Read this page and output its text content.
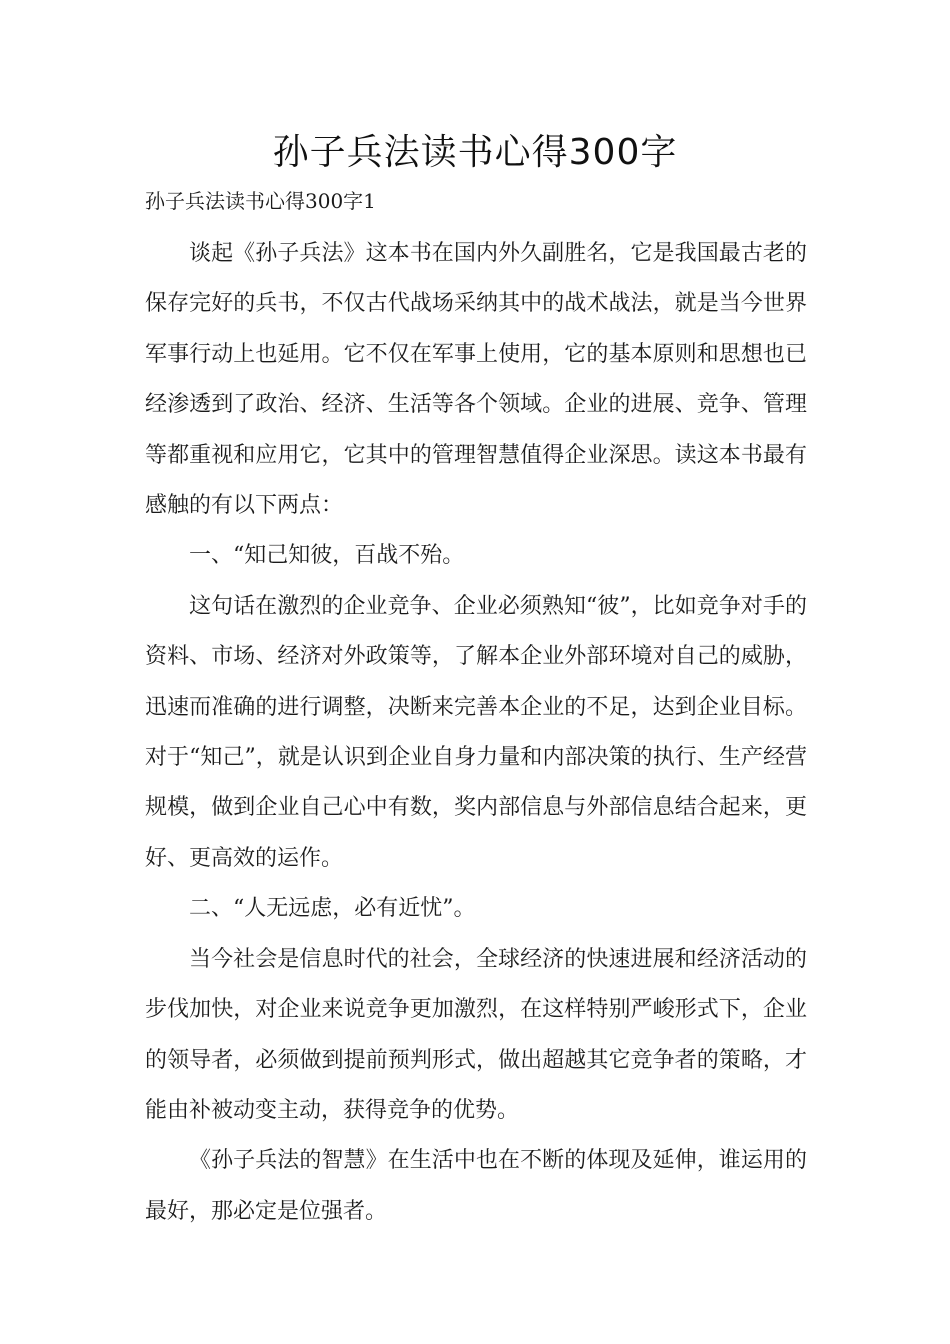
孙子兵法读书心得300字
孙子兵法读书心得300字1

谈起《孙子兵法》这本书在国内外久副胜名，它是我国最古老的保存完好的兵书，不仅古代战场采纳其中的战术战法，就是当今世界军事行动上也延用。它不仅在军事上使用，它的基本原则和思想也已经渗透到了政治、经济、生活等各个领域。企业的进展、竞争、管理等都重视和应用它，它其中的管理智慧值得企业深思。读这本书最有感触的有以下两点：

一、“知己知彼，百战不殆。

这句话在激烈的企业竞争、企业必须熟知“彼”，比如竞争对手的资料、市场、经济对外政策等，了解本企业外部环境对自己的威胁，迅速而准确的进行调整，决断来完善本企业的不足，达到企业目标。对于“知己”，就是认识到企业自身力量和内部决策的执行、生产经营规模，做到企业自己心中有数，奖内部信息与外部信息结合起来，更好、更高效的运作。

二、“人无远虑，必有近忧”。

当今社会是信息时代的社会，全球经济的快速进展和经济活动的步伐加快，对企业来说竞争更加激烈，在这样特别严峻形式下，企业的领导者，必须做到提前预判形式，做出超越其它竞争者的策略，才能由补被动变主动，获得竞争的优势。

《孙子兵法的智慧》在生活中也在不断的体现及延伸，谁运用的最好，那必定是位强者。
